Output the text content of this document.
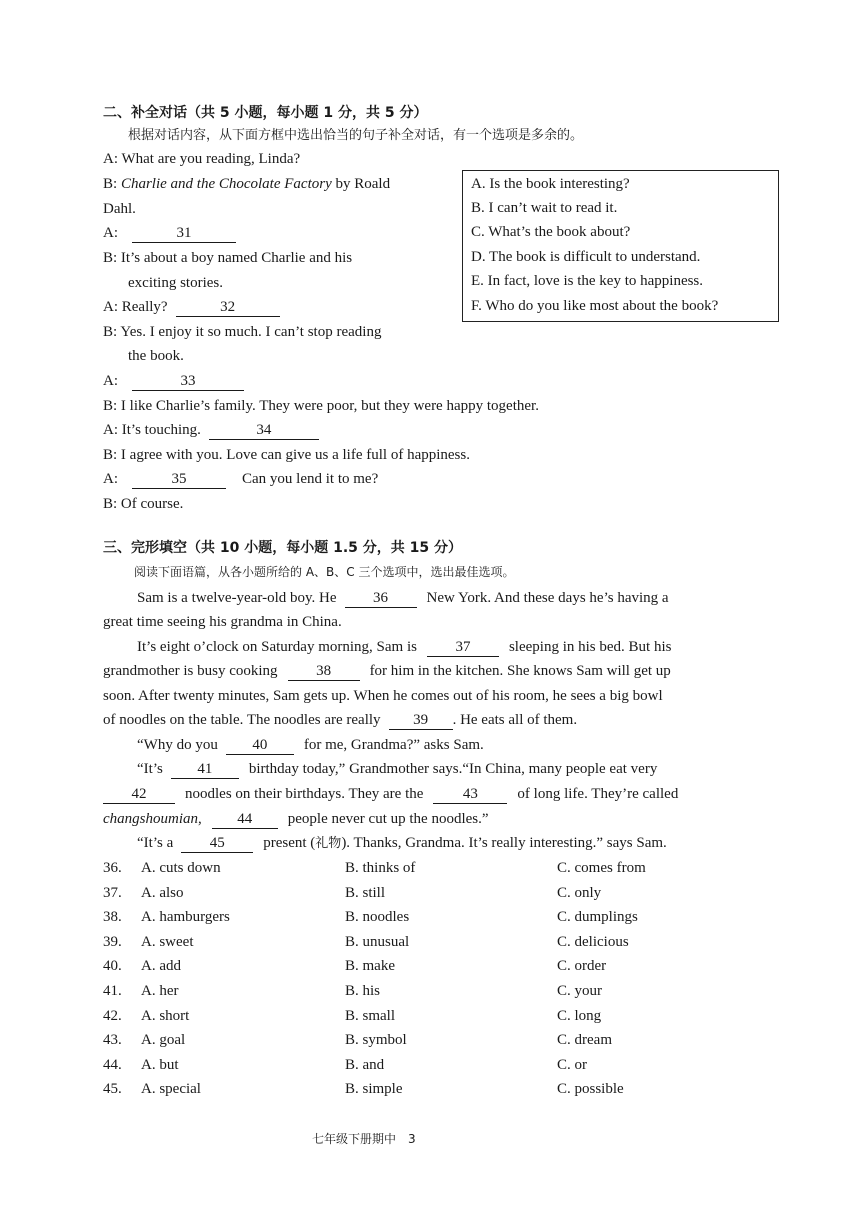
二、补全对话（共 5 小题，每小题 1 分，共 5 分）
根据对话内容，从下面方框中选出恰当的句子补全对话，有一个选项是多余的。
A: What are you reading, Linda?
B: Charlie and the Chocolate Factory by Roald
Dahl.
A:	31
B: It’s about a boy named Charlie and his
exciting stories.
A: Really?	32
B: Yes. I enjoy it so much. I can’t stop reading
the book.
A:	33
B: I like Charlie’s family. They were poor, but they were happy together.
A: It’s touching.	34
B: I agree with you. Love can give us a life full of happiness.
A:	35	Can you lend it to me?
B: Of course.
A. Is the book interesting?
B. I can’t wait to read it.
C. What’s the book about?
D. The book is difficult to understand.
E. In fact, love is the key to happiness.
F. Who do you like most about the book?
三、完形填空（共 10 小题，每小题 1.5 分，共 15 分）
阅读下面语篇，从各小题所给的 A、B、C 三个选项中，选出最佳选项。
Sam is a twelve-year-old boy. He 36	New York. And these days he’s having a
great time seeing his grandma in China.
It’s eight o’clock on Saturday morning, Sam is	37	sleeping in his bed. But his
grandmother is busy cooking	38	for him in the kitchen. She knows Sam will get up
soon. After twenty minutes, Sam gets up. When he comes out of his room, he sees a big bowl
of noodles on the table. The noodles are really 39 . He eats all of them.
“Why do you 40 for me, Grandma?” asks Sam.
“It’s 41 birthday today,” Grandmother says.“In China, many people eat very
42	noodles on their birthdays. They are the	43	of long life. They’re called
changshoumian, 44 people never cut up the noodles.”
“It’s a 45	present (礼物). Thanks, Grandma. It’s really interesting.” says Sam.
36. A. cuts down	B. thinks of	C. comes from
37. A. also	B. still	C. only
38. A. hamburgers	B. noodles	C. dumplings
39. A. sweet	B. unusual	C. delicious
40. A. add	B. make	C. order
41. A. her	B. his	C. your
42. A. short	B. small	C. long
43. A. goal	B. symbol	C. dream
44. A. but	B. and	C. or
45. A. special	B. simple	C. possible
七年级下册期中 3
